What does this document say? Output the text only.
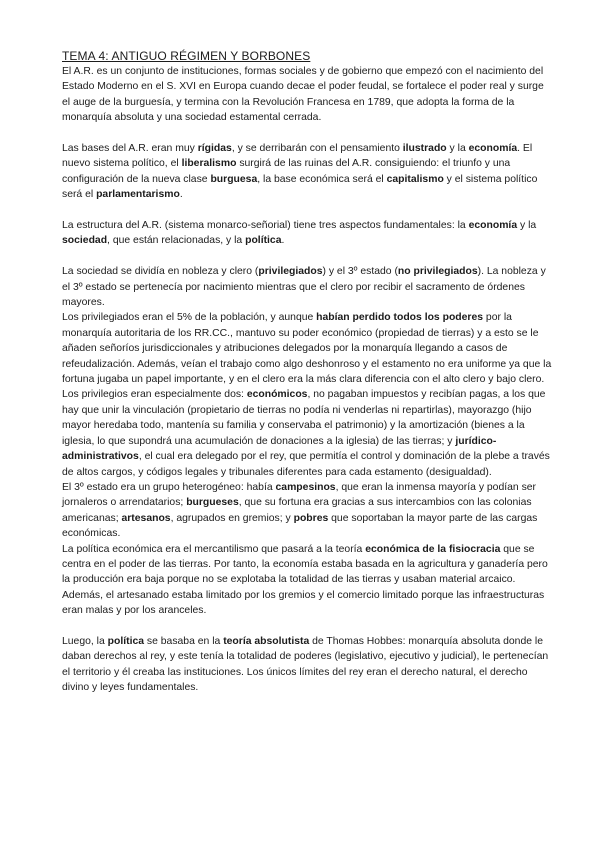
TEMA 4: ANTIGUO RÉGIMEN Y BORBONES

El A.R. es un conjunto de instituciones, formas sociales y de gobierno que empezó con el nacimiento del Estado Moderno en el S. XVI en Europa cuando decae el poder feudal, se fortalece el poder real y surge el auge de la burguesía, y termina con la Revolución Francesa en 1789, que adopta la forma de la monarquía absoluta y una sociedad estamental cerrada.

Las bases del A.R. eran muy rígidas, y se derribarán con el pensamiento ilustrado y la economía. El nuevo sistema político, el liberalismo surgirá de las ruinas del A.R. consiguiendo: el triunfo y una configuración de la nueva clase burguesa, la base económica será el capitalismo y el sistema político será el parlamentarismo.

La estructura del A.R. (sistema monarco-señorial) tiene tres aspectos fundamentales: la economía y la sociedad, que están relacionadas, y la política.

La sociedad se dividía en nobleza y clero (privilegiados) y el 3º estado (no privilegiados). La nobleza y el 3º estado se pertenecía por nacimiento mientras que el clero por recibir el sacramento de órdenes mayores.

Los privilegiados eran el 5% de la población, y aunque habían perdido todos los poderes por la monarquía autoritaria de los RR.CC., mantuvo su poder económico (propiedad de tierras) y a esto se le añaden señoríos jurisdiccionales y atribuciones delegados por la monarquía llegando a casos de refeudalización. Además, veían el trabajo como algo deshonroso y el estamento no era uniforme ya que la fortuna jugaba un papel importante, y en el clero era la más clara diferencia con el alto clero y bajo clero.

Los privilegios eran especialmente dos: económicos, no pagaban impuestos y recibían pagas, a los que hay que unir la vinculación (propietario de tierras no podía ni venderlas ni repartirlas), mayorazgo (hijo mayor heredaba todo, mantenía su familia y conservaba el patrimonio) y la amortización (bienes a la iglesia, lo que supondrá una acumulación de donaciones a la iglesia) de las tierras; y jurídico-administrativos, el cual era delegado por el rey, que permitía el control y dominación de la plebe a través de altos cargos, y códigos legales y tribunales diferentes para cada estamento (desigualdad).

El 3º estado era un grupo heterogéneo: había campesinos, que eran la inmensa mayoría y podían ser jornaleros o arrendatarios; burgueses, que su fortuna era gracias a sus intercambios con las colonias americanas; artesanos, agrupados en gremios; y pobres que soportaban la mayor parte de las cargas económicas.

La política económica era el mercantilismo que pasará a la teoría económica de la fisiocracia que se centra en el poder de las tierras. Por tanto, la economía estaba basada en la agricultura y ganadería pero la producción era baja porque no se explotaba la totalidad de las tierras y usaban material arcaico. Además, el artesanado estaba limitado por los gremios y el comercio limitado porque las infraestructuras eran malas y por los aranceles.

Luego, la política se basaba en la teoría absolutista de Thomas Hobbes: monarquía absoluta donde le daban derechos al rey, y este tenía la totalidad de poderes (legislativo, ejecutivo y judicial), le pertenecían el territorio y él creaba las instituciones. Los únicos límites del rey eran el derecho natural, el derecho divino y leyes fundamentales.
